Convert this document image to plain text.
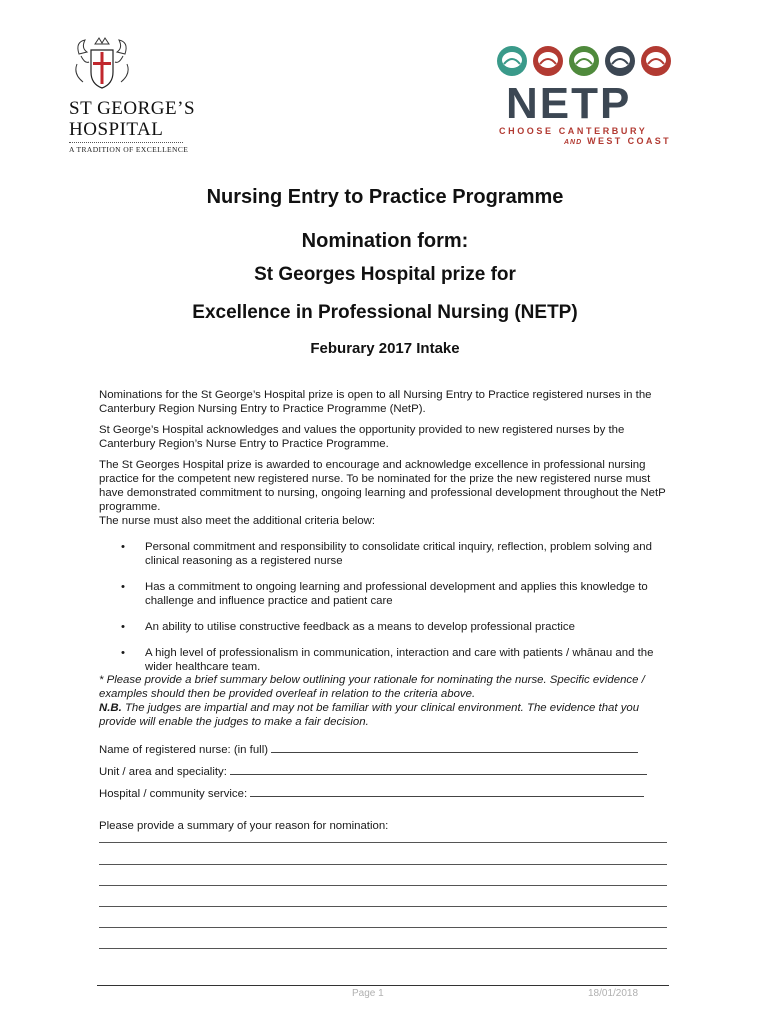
ST GEORGE’S
HOSPITAL
A TRADITION OF EXCELLENCE
NETP
CHOOSE CANTERBURY
AND WEST COAST
Nursing Entry to Practice Programme
Nomination form:
St Georges Hospital prize for
Excellence in Professional Nursing (NETP)
Feburary 2017 Intake

Nominations for the St George’s Hospital prize is open to all Nursing Entry to Practice registered nurses in the Canterbury Region Nursing Entry to Practice Programme (NetP).

St George’s Hospital acknowledges and values the opportunity provided to new registered nurses by the Canterbury Region’s Nurse Entry to Practice Programme.

The St Georges Hospital prize is awarded to encourage and acknowledge excellence in professional nursing practice for the competent new registered nurse. To be nominated for the prize the new registered nurse must have demonstrated commitment to nursing, ongoing learning and professional development throughout the NetP programme.

The nurse must also meet the additional criteria below:

• Personal commitment and responsibility to consolidate critical inquiry, reflection, problem solving and clinical reasoning as a registered nurse
• Has a commitment to ongoing learning and professional development and applies this knowledge to challenge and influence practice and patient care
• An ability to utilise constructive feedback as a means to develop professional practice
• A high level of professionalism in communication, interaction and care with patients / whānau and the wider healthcare team.
* Please provide a brief summary below outlining your rationale for nominating the nurse. Specific evidence / examples should then be provided overleaf in relation to the criteria above.
N.B. The judges are impartial and may not be familiar with your clinical environment. The evidence that you provide will enable the judges to make a fair decision.
Name of registered nurse: (in full)
Unit / area and speciality:
Hospital / community service:
Please provide a summary of your reason for nomination:
Page 1	18/01/2018
